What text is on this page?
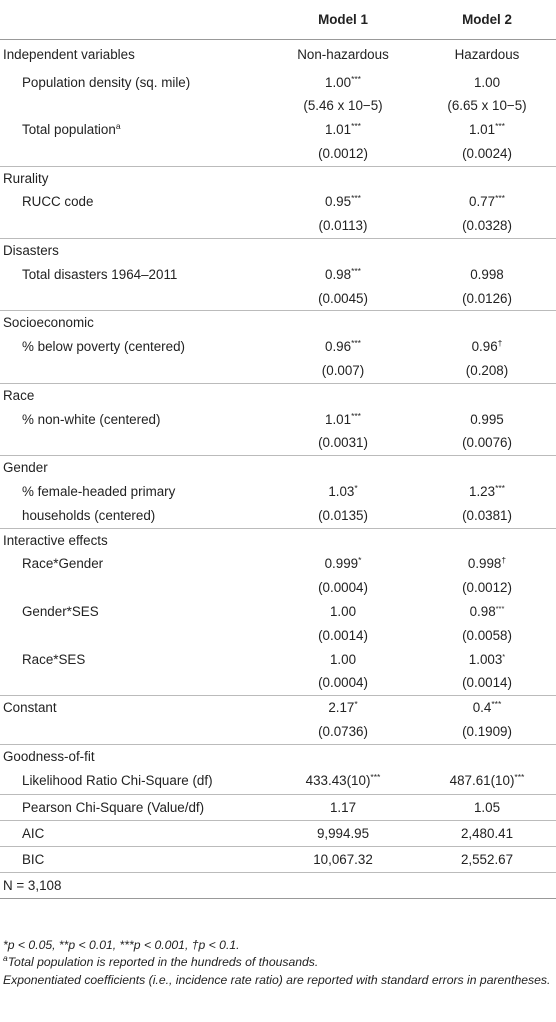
	Model 1	Model 2
Independent variables	Non-hazardous	Hazardous
Population density (sq. mile)	1.00***	1.00
	(5.46 x 10−5)	(6.65 x 10−5)
Total population$^a$	1.01***	1.01***
	(0.0012)	(0.0024)
Rurality		
RUCC code	0.95***	0.77***
	(0.0113)	(0.0328)
Disasters		
Total disasters 1964–2011	0.98***	0.998
	(0.0045)	(0.0126)
Socioeconomic		
% below poverty (centered)	0.96***	0.96†
	(0.007)	(0.208)
Race		
% non-white (centered)	1.01***	0.995
	(0.0031)	(0.0076)
Gender		
% female-headed primary	1.03*	1.23***
households (centered)	(0.0135)	(0.0381)
Interactive effects		
Race*Gender	0.999*	0.998†
	(0.0004)	(0.0012)
Gender*SES	1.00	0.98***
	(0.0014)	(0.0058)
Race*SES	1.00	1.003*
	(0.0004)	(0.0014)
Constant	2.17*	0.4***
	(0.0736)	(0.1909)
Goodness-of-fit		
Likelihood Ratio Chi-Square (df)	433.43(10)***	487.61(10)***
Pearson Chi-Square (Value/df)	1.17	1.05
AIC	9,994.95	2,480.41
BIC	10,067.32	2,552.67
N = 3,108		

*p < 0.05, **p < 0.01, ***p < 0.001, †p < 0.1.

$^a$Total population is reported in the hundreds of thousands.

Exponentiated coefficients (i.e., incidence rate ratio) are reported with standard errors in parentheses.
